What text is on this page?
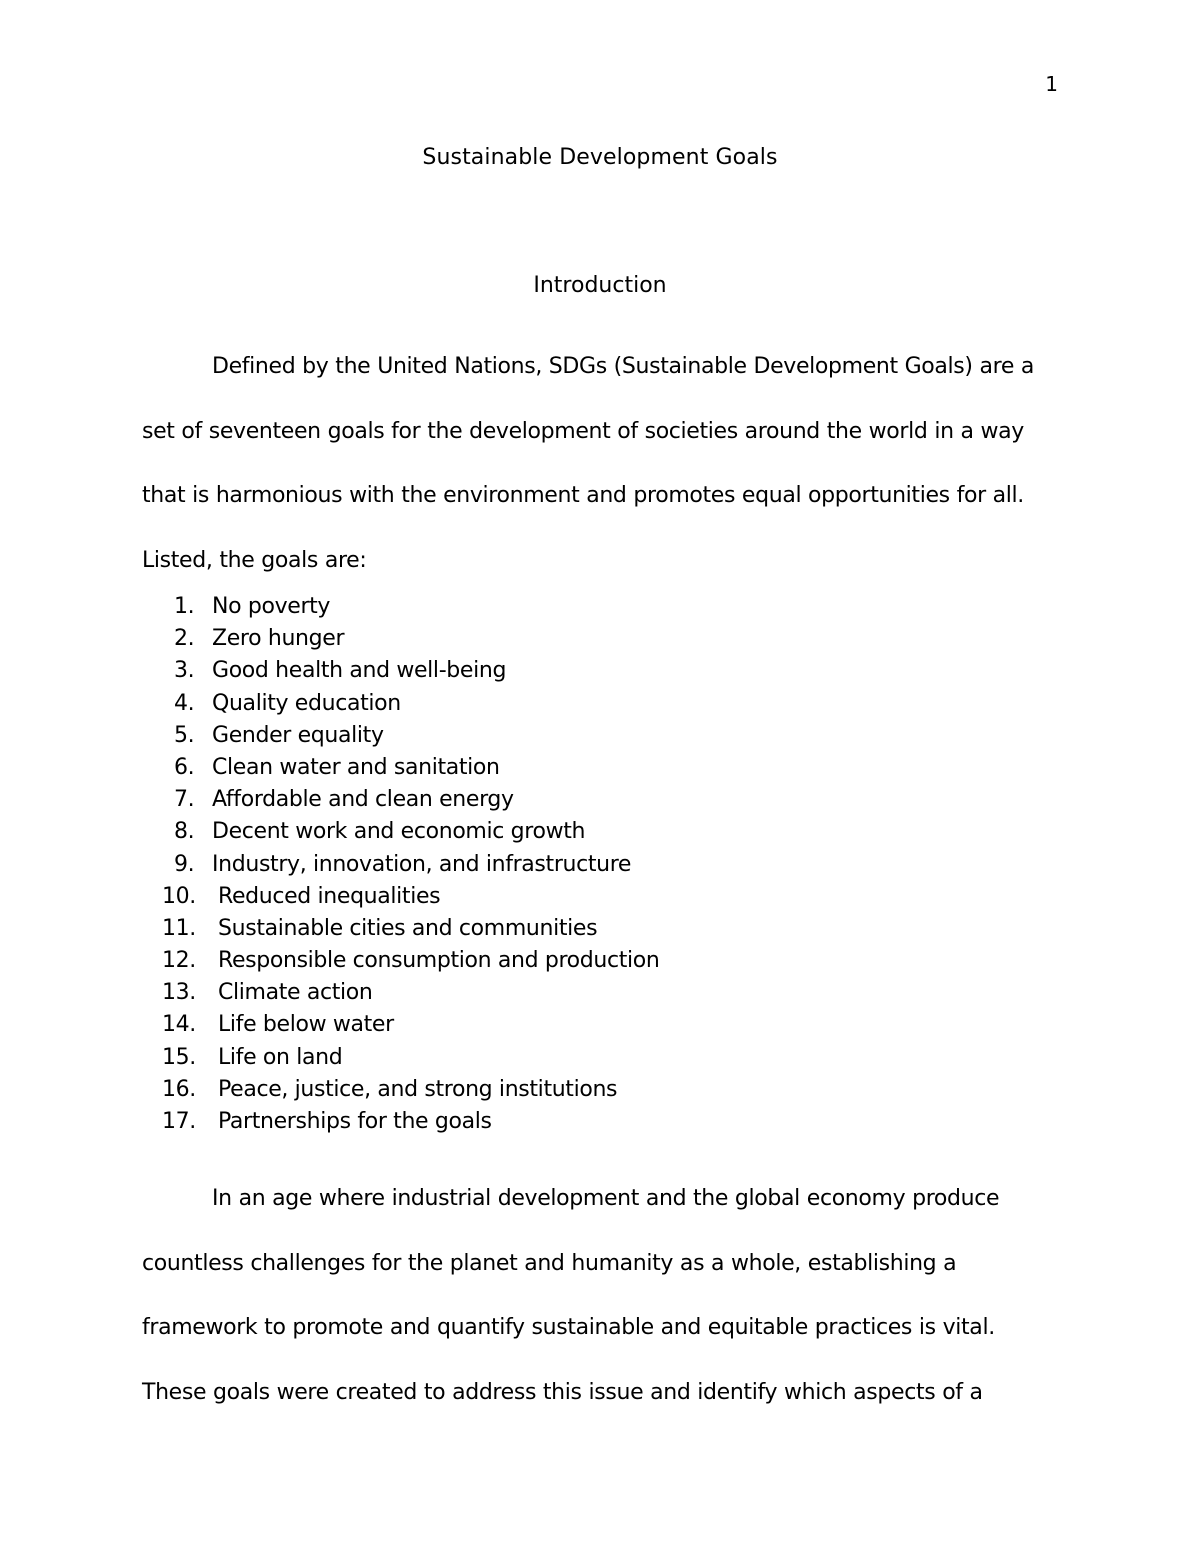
1
Sustainable Development Goals
Introduction
Defined by the United Nations, SDGs (Sustainable Development Goals) are a
set of seventeen goals for the development of societies around the world in a way
that is harmonious with the environment and promotes equal opportunities for all.
Listed, the goals are:
1. No poverty
2. Zero hunger
3. Good health and well-being
4. Quality education
5. Gender equality
6. Clean water and sanitation
7. Affordable and clean energy
8. Decent work and economic growth
9. Industry, innovation, and infrastructure
10. Reduced inequalities
11. Sustainable cities and communities
12. Responsible consumption and production
13. Climate action
14. Life below water
15. Life on land
16. Peace, justice, and strong institutions
17. Partnerships for the goals
In an age where industrial development and the global economy produce
countless challenges for the planet and humanity as a whole, establishing a
framework to promote and quantify sustainable and equitable practices is vital.
These goals were created to address this issue and identify which aspects of a
